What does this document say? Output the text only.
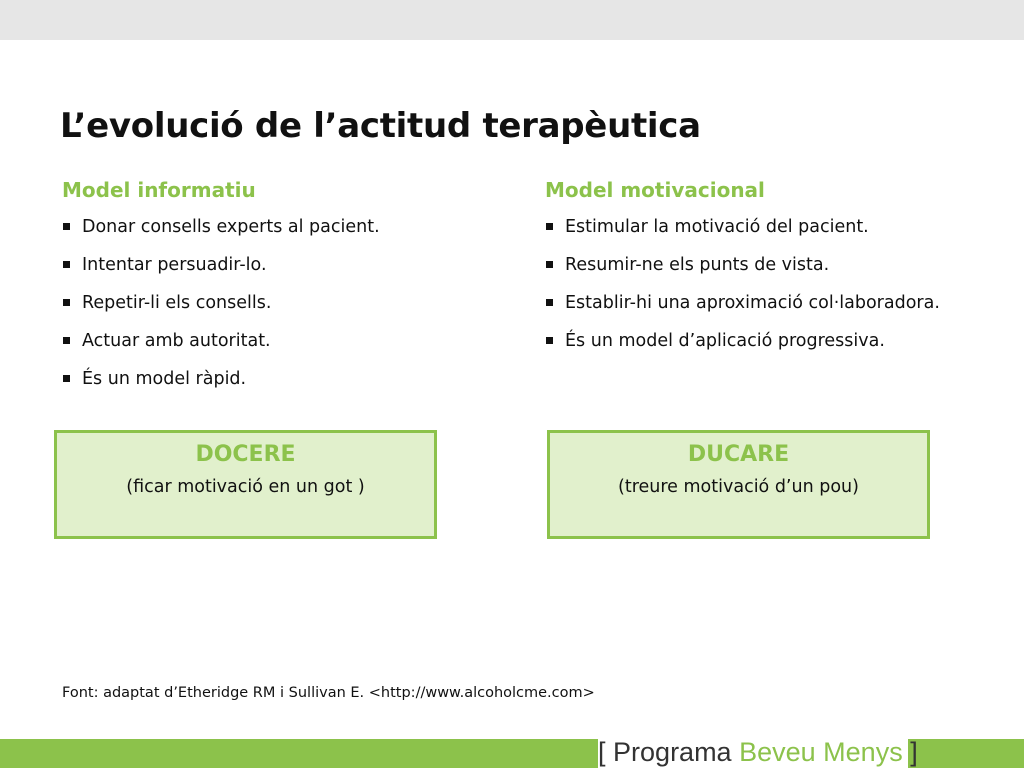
L’evolució de l’actitud terapèutica
Model informatiu
Donar consells experts al pacient.
Intentar persuadir-lo.
Repetir-li els consells.
Actuar amb autoritat.
És un model ràpid.
Model motivacional
Estimular la motivació del pacient.
Resumir-ne els punts de vista.
Establir-hi una aproximació col·laboradora.
És un model d’aplicació progressiva.
DOCERE
(ficar motivació en un got )
DUCARE
(treure motivació d’un pou)
Font: adaptat d’Etheridge RM i Sullivan E. <http://www.alcoholcme.com>
[ Programa Beveu Menys ]
